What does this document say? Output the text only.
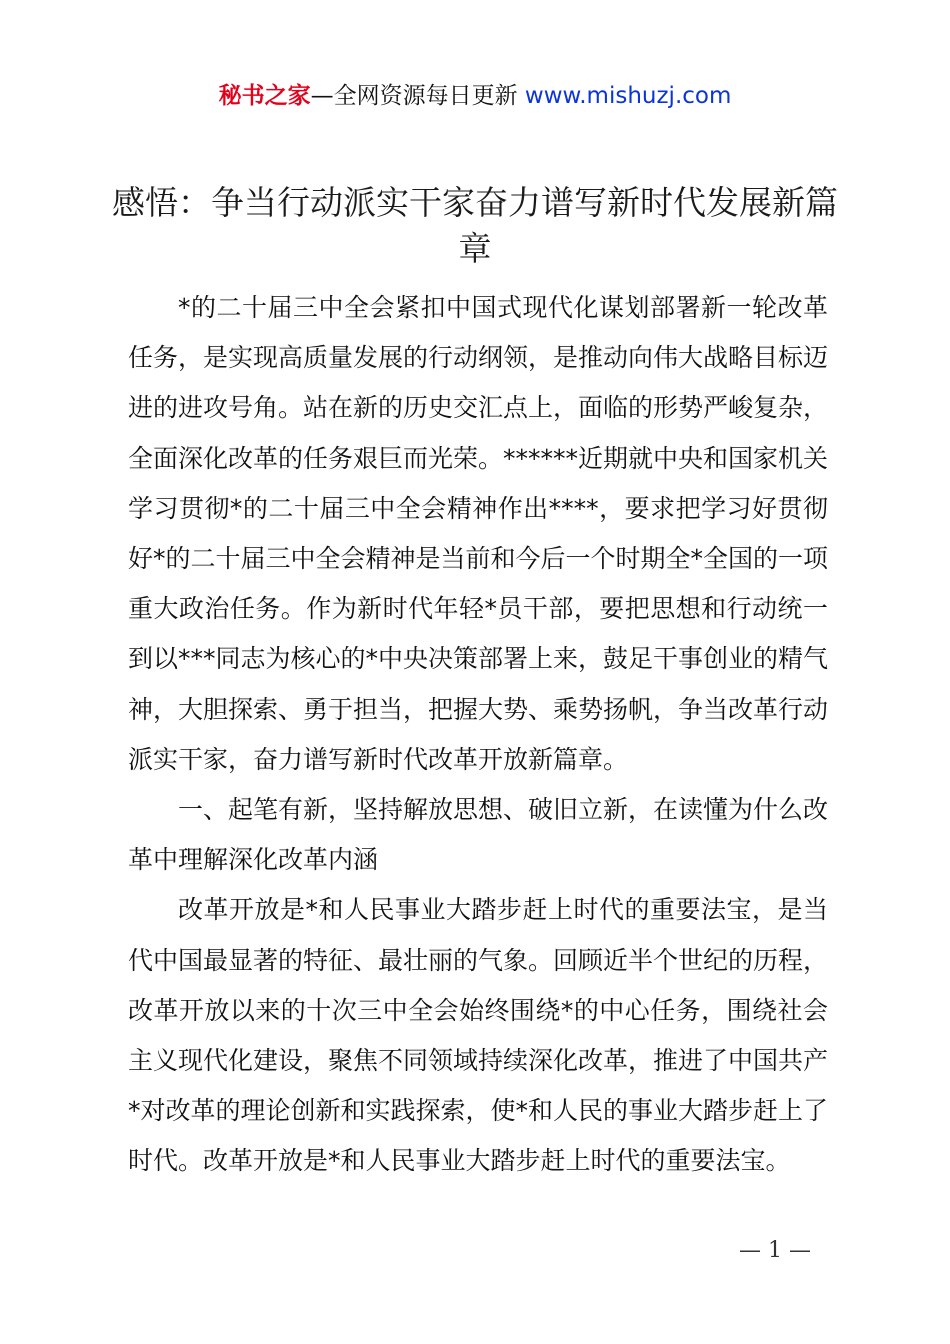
秘书之家—全网资源每日更新 www.mishuzj.com
感悟：争当行动派实干家奋力谱写新时代发展新篇章

*的二十届三中全会紧扣中国式现代化谋划部署新一轮改革任务，是实现高质量发展的行动纲领，是推动向伟大战略目标迈进的进攻号角。站在新的历史交汇点上，面临的形势严峻复杂，全面深化改革的任务艰巨而光荣。******近期就中央和国家机关学习贯彻*的二十届三中全会精神作出****，要求把学习好贯彻好*的二十届三中全会精神是当前和今后一个时期全*全国的一项重大政治任务。作为新时代年轻*员干部，要把思想和行动统一到以***同志为核心的*中央决策部署上来，鼓足干事创业的精气神，大胆探索、勇于担当，把握大势、乘势扬帆，争当改革行动派实干家，奋力谱写新时代改革开放新篇章。

一、起笔有新，坚持解放思想、破旧立新，在读懂为什么改革中理解深化改革内涵

改革开放是*和人民事业大踏步赶上时代的重要法宝，是当代中国最显著的特征、最壮丽的气象。回顾近半个世纪的历程，改革开放以来的十次三中全会始终围绕*的中心任务，围绕社会主义现代化建设，聚焦不同领域持续深化改革，推进了中国共产*对改革的理论创新和实践探索，使*和人民的事业大踏步赶上了时代。改革开放是*和人民事业大踏步赶上时代的重要法宝。

— 1 —
